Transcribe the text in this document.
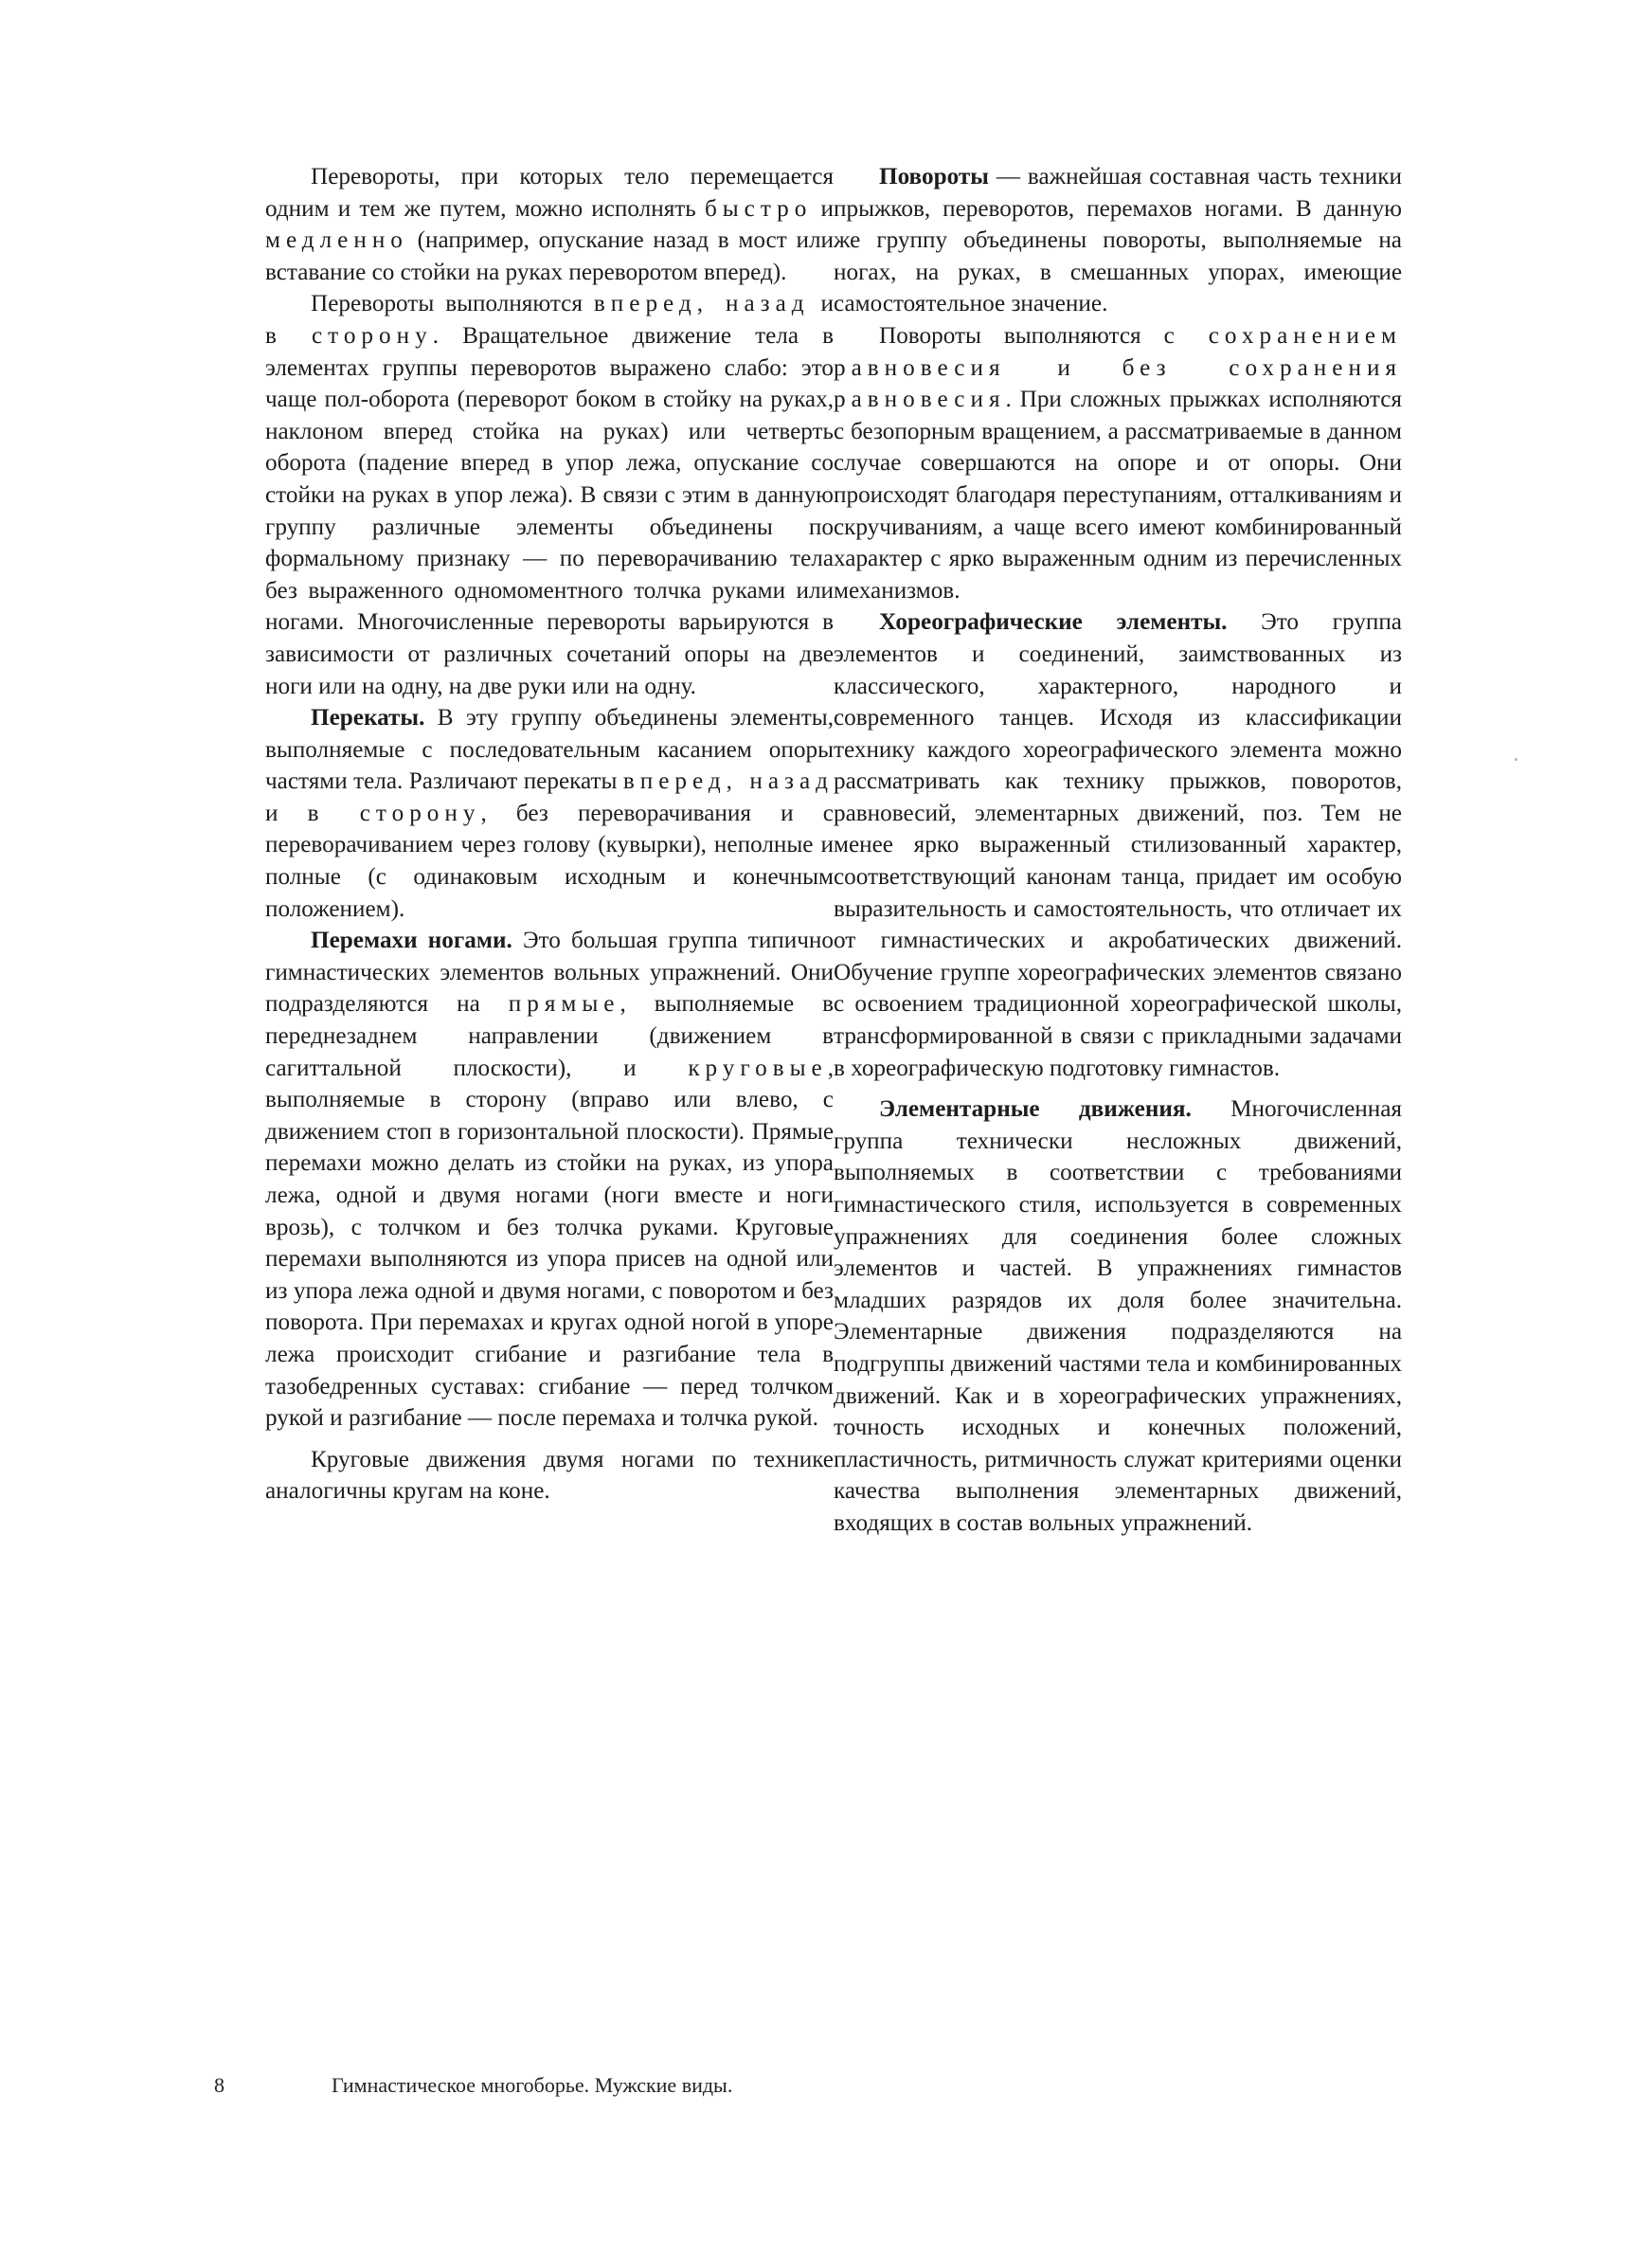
Перевороты, при которых тело перемещается одним и тем же путем, можно исполнять быстро и медленно (например, опускание назад в мост или вставание со стойки на руках переворотом вперед).

Перевороты выполняются вперед, назад и в сторону. Вращательное движение тела в элементах группы переворотов выражено слабо: это чаще пол-оборота (переворот боком в стойку на руках, наклоном вперед стойка на руках) или четверть оборота (падение вперед в упор лежа, опускание со стойки на руках в упор лежа). В связи с этим в данную группу различные элементы объединены по формальному признаку — по переворачиванию тела без выраженного одномоментного толчка руками или ногами. Многочисленные перевороты варьируются в зависимости от различных сочетаний опоры на две ноги или на одну, на две руки или на одну.

Перекаты. В эту группу объединены элементы, выполняемые с последовательным касанием опоры частями тела. Различают перекаты вперед, назад и в сторону, без переворачивания и с переворачиванием через голову (кувырки), неполные и полные (с одинаковым исходным и конечным положением).

Перемахи ногами. Это большая группа типично гимнастических элементов вольных упражнений. Они подразделяются на прямые, выполняемые в переднезаднем направлении (движением в сагиттальной плоскости), и круговые, выполняемые в сторону (вправо или влево, с движением стоп в горизонтальной плоскости). Прямые перемахи можно делать из стойки на руках, из упора лежа, одной и двумя ногами (ноги вместе и ноги врозь), с толчком и без толчка руками. Круговые перемахи выполняются из упора присев на одной или из упора лежа одной и двумя ногами, с поворотом и без поворота. При перемахах и кругах одной ногой в упоре лежа происходит сгибание и разгибание тела в тазобедренных суставах: сгибание — перед толчком рукой и разгибание — после перемаха и толчка рукой.

Круговые движения двумя ногами по технике аналогичны кругам на коне.

Повороты — важнейшая составная часть техники прыжков, переворотов, перемахов ногами. В данную же группу объединены повороты, выполняемые на ногах, на руках, в смешанных упорах, имеющие самостоятельное значение.

Повороты выполняются с сохранением равновесия и без сохранения равновесия. При сложных прыжках исполняются с безопорным вращением, а рассматриваемые в данном случае совершаются на опоре и от опоры. Они происходят благодаря переступаниям, отталкиваниям и скручиваниям, а чаще всего имеют комбинированный характер с ярко выраженным одним из перечисленных механизмов.

Хореографические элементы. Это группа элементов и соединений, заимствованных из классического, характерного, народного и современного танцев. Исходя из классификации технику каждого хореографического элемента можно рассматривать как технику прыжков, поворотов, равновесий, элементарных движений, поз. Тем не менее ярко выраженный стилизованный характер, соответствующий канонам танца, придает им особую выразительность и самостоятельность, что отличает их от гимнастических и акробатических движений. Обучение группе хореографических элементов связано с освоением традиционной хореографической школы, трансформированной в связи с прикладными задачами в хореографическую подготовку гимнастов.

Элементарные движения. Многочисленная группа технически несложных движений, выполняемых в соответствии с требованиями гимнастического стиля, используется в современных упражнениях для соединения более сложных элементов и частей. В упражнениях гимнастов младших разрядов их доля более значительна. Элементарные движения подразделяются на подгруппы движений частями тела и комбинированных движений. Как и в хореографических упражнениях, точность исходных и конечных положений, пластичность, ритмичность служат критериями оценки качества выполнения элементарных движений, входящих в состав вольных упражнений.

8	Гимнастическое многоборье. Мужские виды.
